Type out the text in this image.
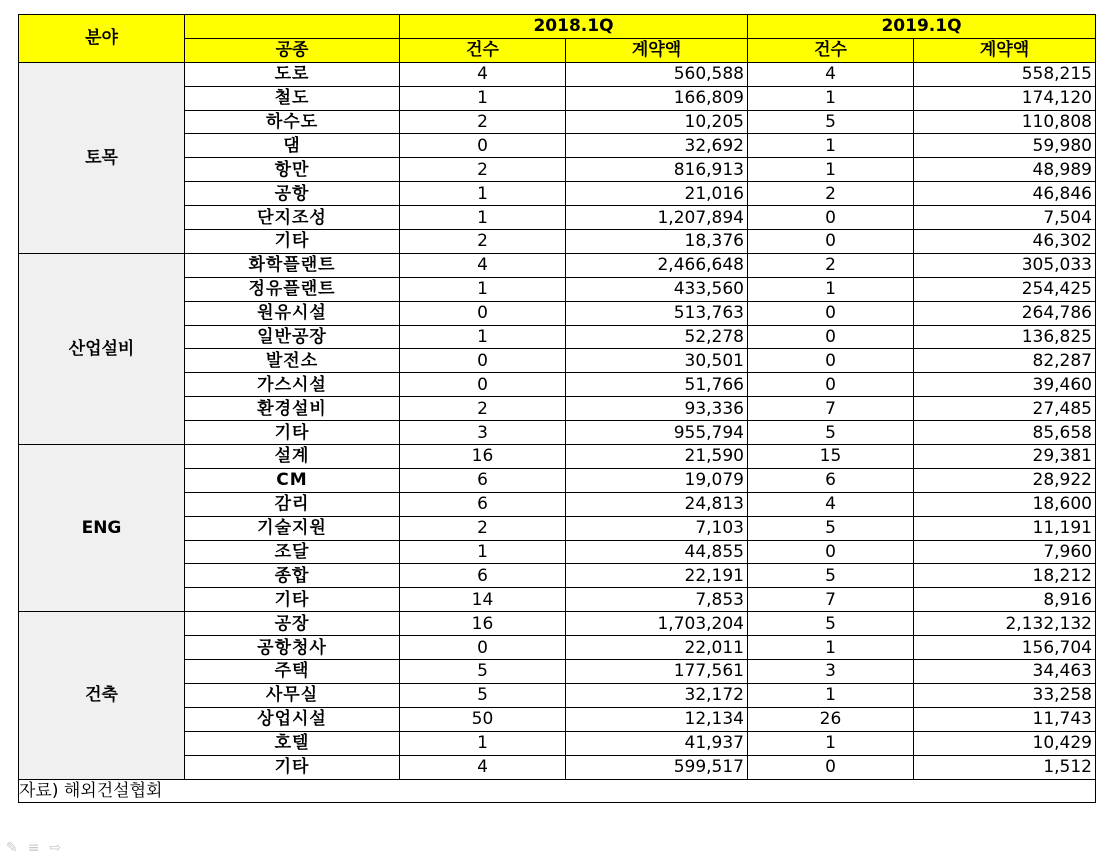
분야		2018.1Q		2019.1Q	
	공종	건수	계약액	건수	계약액
토목	도로	4	560,588	4	558,215
	철도	1	166,809	1	174,120
	하수도	2	10,205	5	110,808
	댐	0	32,692	1	59,980
	항만	2	816,913	1	48,989
	공항	1	21,016	2	46,846
	단지조성	1	1,207,894	0	7,504
	기타	2	18,376	0	46,302
산업설비	화학플랜트	4	2,466,648	2	305,033
	정유플랜트	1	433,560	1	254,425
	원유시설	0	513,763	0	264,786
	일반공장	1	52,278	0	136,825
	발전소	0	30,501	0	82,287
	가스시설	0	51,766	0	39,460
	환경설비	2	93,336	7	27,485
	기타	3	955,794	5	85,658
ENG	설계	16	21,590	15	29,381
	CM	6	19,079	6	28,922
	감리	6	24,813	4	18,600
	기술지원	2	7,103	5	11,191
	조달	1	44,855	0	7,960
	종합	6	22,191	5	18,212
	기타	14	7,853	7	8,916
건축	공장	16	1,703,204	5	2,132,132
	공항청사	0	22,011	1	156,704
	주택	5	177,561	3	34,463
	사무실	5	32,172	1	33,258
	상업시설	50	12,134	26	11,743
	호텔	1	41,937	1	10,429
	기타	4	599,517	0	1,512
자료) 해외건설협회					
✎ ≡ ⇨
